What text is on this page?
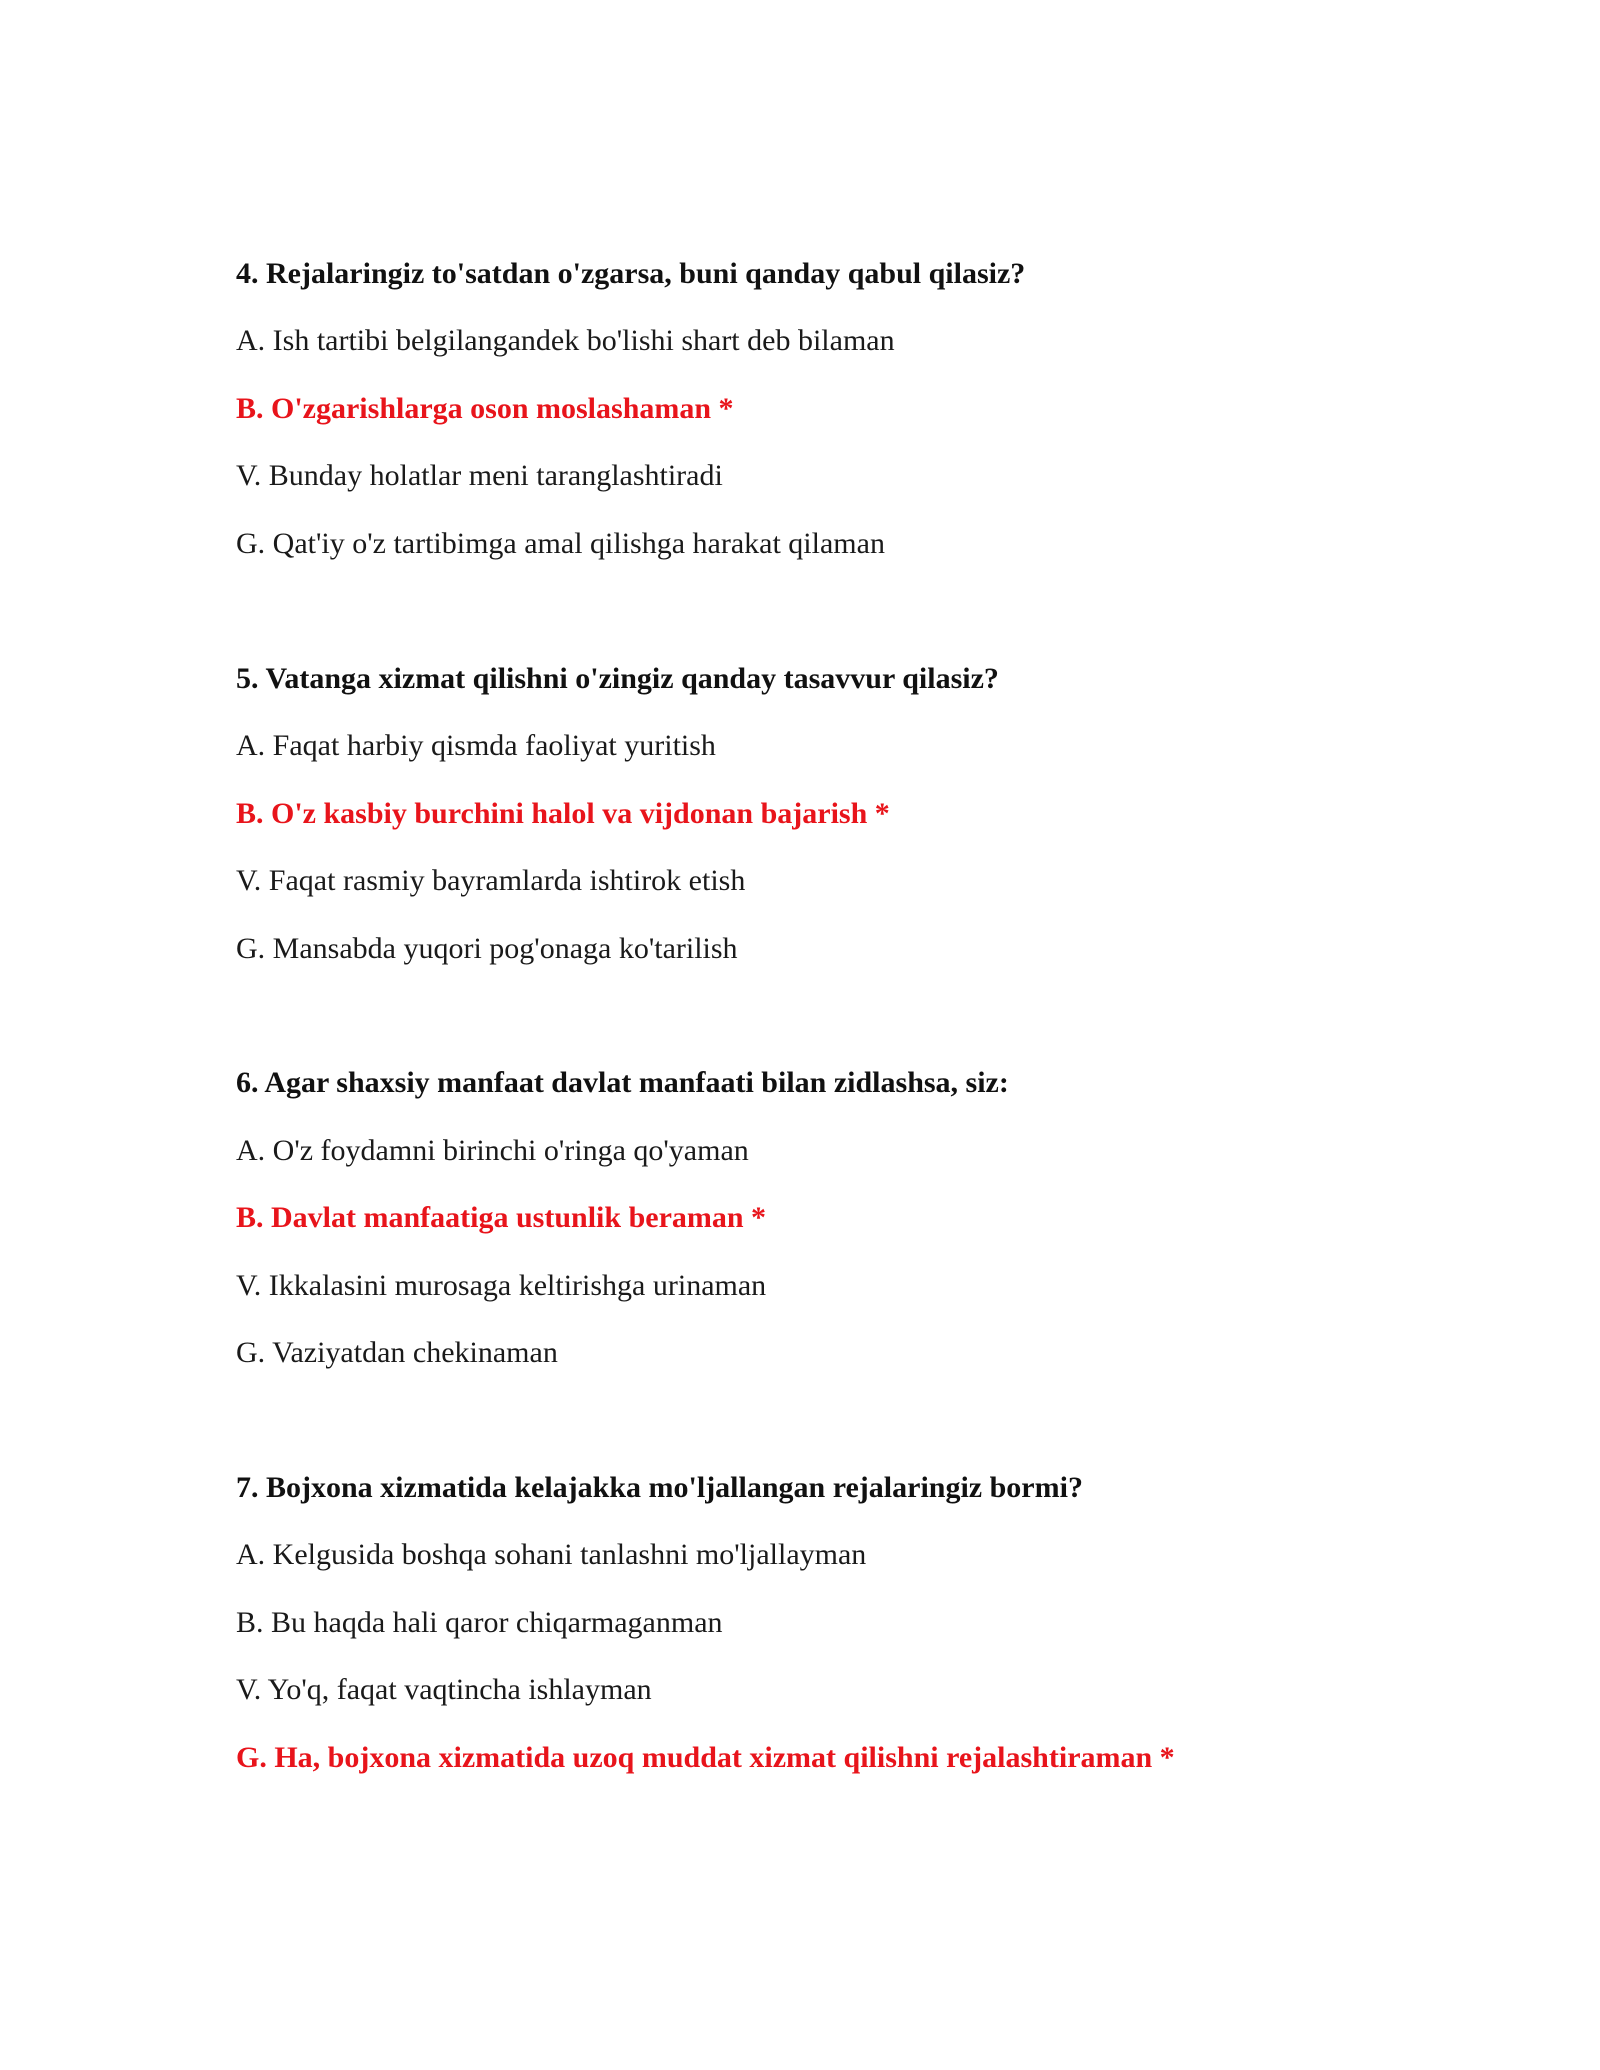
4. Rejalaringiz to'satdan o'zgarsa, buni qanday qabul qilasiz?
A. Ish tartibi belgilangandek bo'lishi shart deb bilaman
B. O'zgarishlarga oson moslashaman *
V. Bunday holatlar meni taranglashtiradi
G. Qat'iy o'z tartibimga amal qilishga harakat qilaman
5. Vatanga xizmat qilishni o'zingiz qanday tasavvur qilasiz?
A. Faqat harbiy qismda faoliyat yuritish
B. O'z kasbiy burchini halol va vijdonan bajarish *
V. Faqat rasmiy bayramlarda ishtirok etish
G. Mansabda yuqori pog'onaga ko'tarilish
6. Agar shaxsiy manfaat davlat manfaati bilan zidlashsa, siz:
A. O'z foydamni birinchi o'ringa qo'yaman
B. Davlat manfaatiga ustunlik beraman *
V. Ikkalasini murosaga keltirishga urinaman
G. Vaziyatdan chekinaman
7. Bojxona xizmatida kelajakka mo'ljallangan rejalaringiz bormi?
A. Kelgusida boshqa sohani tanlashni mo'ljallayman
B. Bu haqda hali qaror chiqarmaganman
V. Yo'q, faqat vaqtincha ishlayman
G. Ha, bojxona xizmatida uzoq muddat xizmat qilishni rejalashtiraman *
